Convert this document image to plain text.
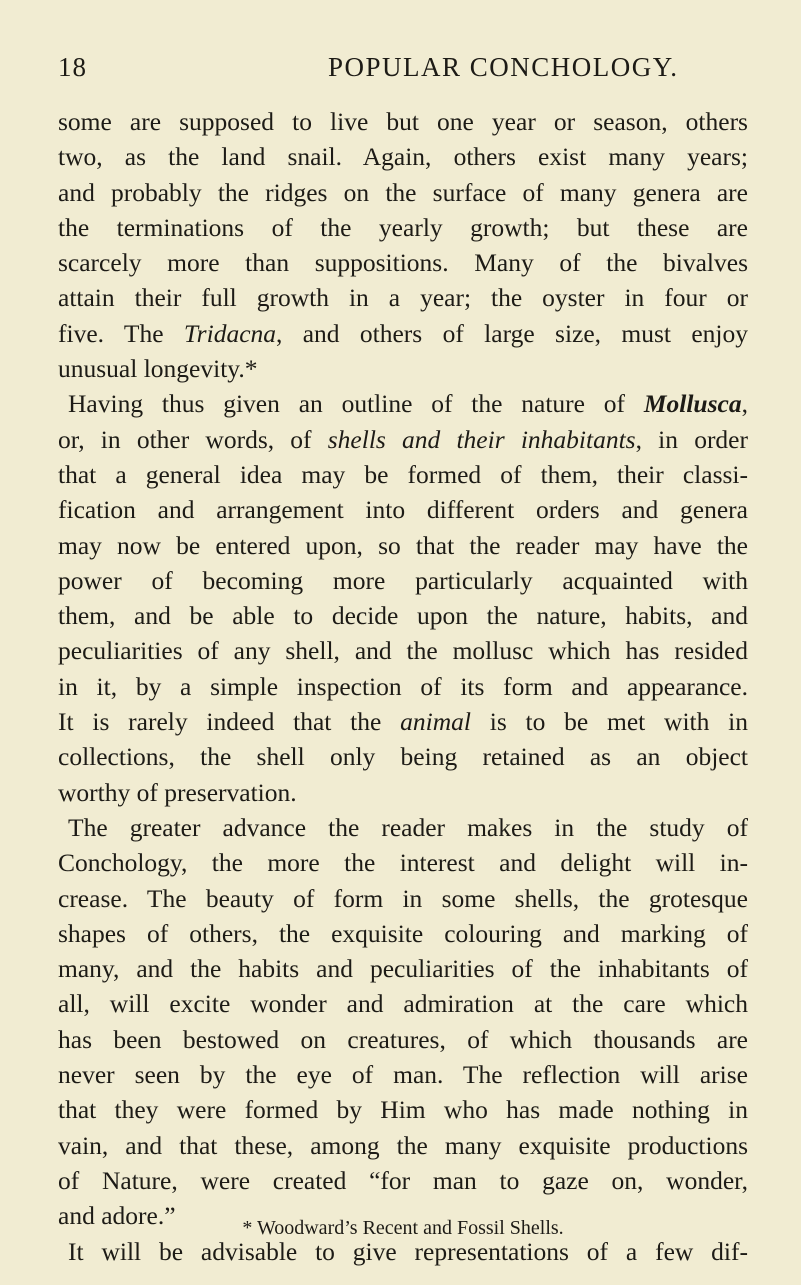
18	POPULAR CONCHOLOGY.
some are supposed to live but one year or season, others
two, as the land snail. Again, others exist many years;
and probably the ridges on the surface of many genera are
the terminations of the yearly growth; but these are
scarcely more than suppositions. Many of the bivalves
attain their full growth in a year; the oyster in four or
five. The Tridacna, and others of large size, must enjoy
unusual longevity.*
Having thus given an outline of the nature of Mollusca,
or, in other words, of shells and their inhabitants, in order
that a general idea may be formed of them, their classi-
fication and arrangement into different orders and genera
may now be entered upon, so that the reader may have the
power of becoming more particularly acquainted with
them, and be able to decide upon the nature, habits, and
peculiarities of any shell, and the mollusc which has resided
in it, by a simple inspection of its form and appearance.
It is rarely indeed that the animal is to be met with in
collections, the shell only being retained as an object
worthy of preservation.
The greater advance the reader makes in the study of
Conchology, the more the interest and delight will in-
crease. The beauty of form in some shells, the grotesque
shapes of others, the exquisite colouring and marking of
many, and the habits and peculiarities of the inhabitants of
all, will excite wonder and admiration at the care which
has been bestowed on creatures, of which thousands are
never seen by the eye of man. The reflection will arise
that they were formed by Him who has made nothing in
vain, and that these, among the many exquisite productions
of Nature, were created “for man to gaze on, wonder,
and adore.”
It will be advisable to give representations of a few dif-
* Woodward’s Recent and Fossil Shells.
